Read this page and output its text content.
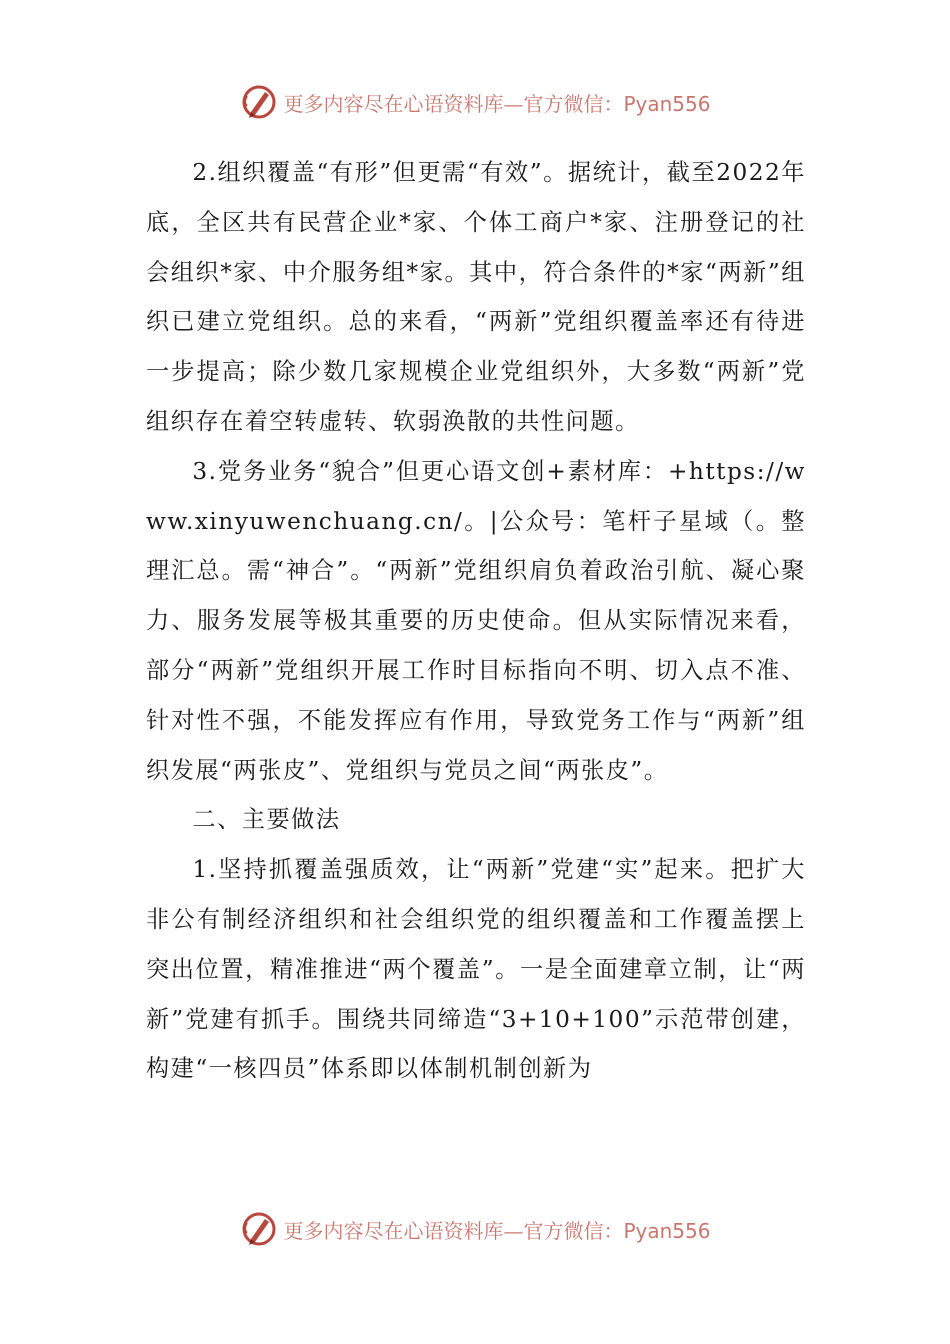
更多内容尽在心语资料库—官方微信：Pyan556

2.组织覆盖“有形”但更需“有效”。据统计，截至2022年底，全区共有民营企业*家、个体工商户*家、注册登记的社会组织*家、中介服务组*家。其中，符合条件的*家“两新”组织已建立党组织。总的来看，“两新”党组织覆盖率还有待进一步提高；除少数几家规模企业党组织外，大多数“两新”党组织存在着空转虚转、软弱涣散的共性问题。

3.党务业务“貌合”但更心语文创+素材库：+https://www.xinyuwenchuang.cn/。|公众号：笔杆子星域（。整理汇总。需“神合”。“两新”党组织肩负着政治引航、凝心聚力、服务发展等极其重要的历史使命。但从实际情况来看，部分“两新”党组织开展工作时目标指向不明、切入点不准、针对性不强，不能发挥应有作用，导致党务工作与“两新”组织发展“两张皮”、党组织与党员之间“两张皮”。

二、主要做法

1.坚持抓覆盖强质效，让“两新”党建“实”起来。把扩大非公有制经济组织和社会组织党的组织覆盖和工作覆盖摆上突出位置，精准推进“两个覆盖”。一是全面建章立制，让“两新”党建有抓手。围绕共同缔造“3+10+100”示范带创建，构建“一核四员”体系即以体制机制创新为

更多内容尽在心语资料库—官方微信：Pyan556
